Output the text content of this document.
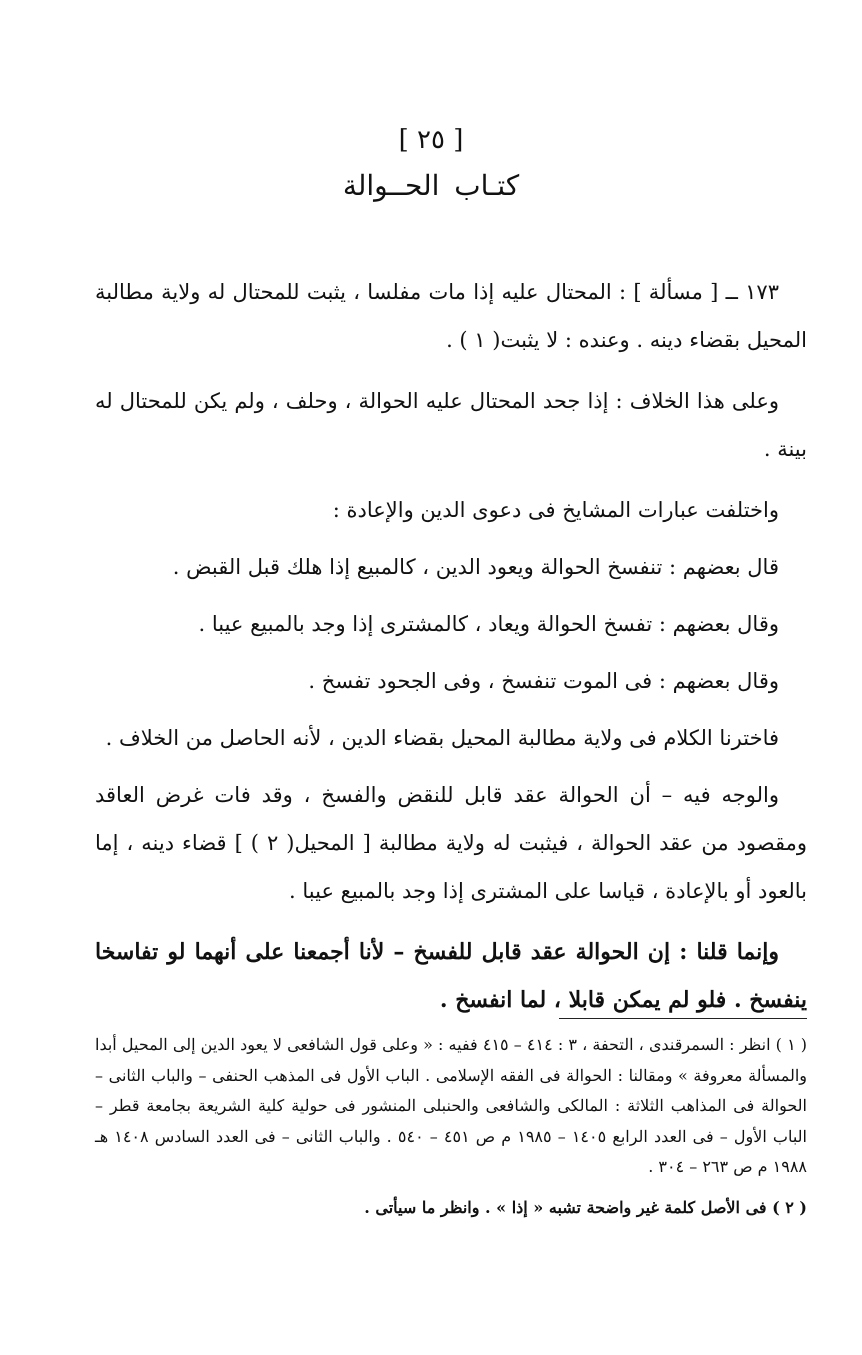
[ ٢٥ ]
كتـاب الحــوالة

١٧٣ ــ [ مسألة ] : المحتال عليه إذا مات مفلسا ، يثبت للمحتال له ولاية مطالبة المحيل بقضاء دينه . وعنده : لا يثبت( ١ ) .

وعلى هذا الخلاف : إذا جحد المحتال عليه الحوالة ، وحلف ، ولم يكن للمحتال له بينة .

واختلفت عبارات المشايخ فى دعوى الدين والإعادة :

قال بعضهم : تنفسخ الحوالة ويعود الدين ، كالمبيع إذا هلك قبل القبض .

وقال بعضهم : تفسخ الحوالة ويعاد ، كالمشترى إذا وجد بالمبيع عيبا .

وقال بعضهم : فى الموت تنفسخ ، وفى الجحود تفسخ .

فاخترنا الكلام فى ولاية مطالبة المحيل بقضاء الدين ، لأنه الحاصل من الخلاف .

والوجه فيه – أن الحوالة عقد قابل للنقض والفسخ ، وقد فات غرض العاقد ومقصود من عقد الحوالة ، فيثبت له ولاية مطالبة [ المحيل( ٢ ) ] قضاء دينه ، إما بالعود أو بالإعادة ، قياسا على المشترى إذا وجد بالمبيع عيبا .

وإنما قلنا : إن الحوالة عقد قابل للفسخ – لأنا أجمعنا على أنهما لو تفاسخا ينفسخ . فلو لم يمكن قابلا ، لما انفسخ .

( ١ ) انظر : السمرقندى ، التحفة ، ٣ : ٤١٤ – ٤١٥ ففيه : « وعلى قول الشافعى لا يعود الدين إلى المحيل أبدا والمسألة معروفة » ومقالنا : الحوالة فى الفقه الإسلامى . الباب الأول فى المذهب الحنفى – والباب الثانى – الحوالة فى المذاهب الثلاثة : المالكى والشافعى والحنبلى المنشور فى حولية كلية الشريعة بجامعة قطر – الباب الأول – فى العدد الرابع ١٤٠٥ – ١٩٨٥ م ص ٤٥١ – ٥٤٠ . والباب الثانى – فى العدد السادس ١٤٠٨ هـ ١٩٨٨ م ص ٢٦٣ – ٣٠٤ .

( ٢ ) فى الأصل كلمة غير واضحة تشبه « إذا » . وانظر ما سيأتى .
